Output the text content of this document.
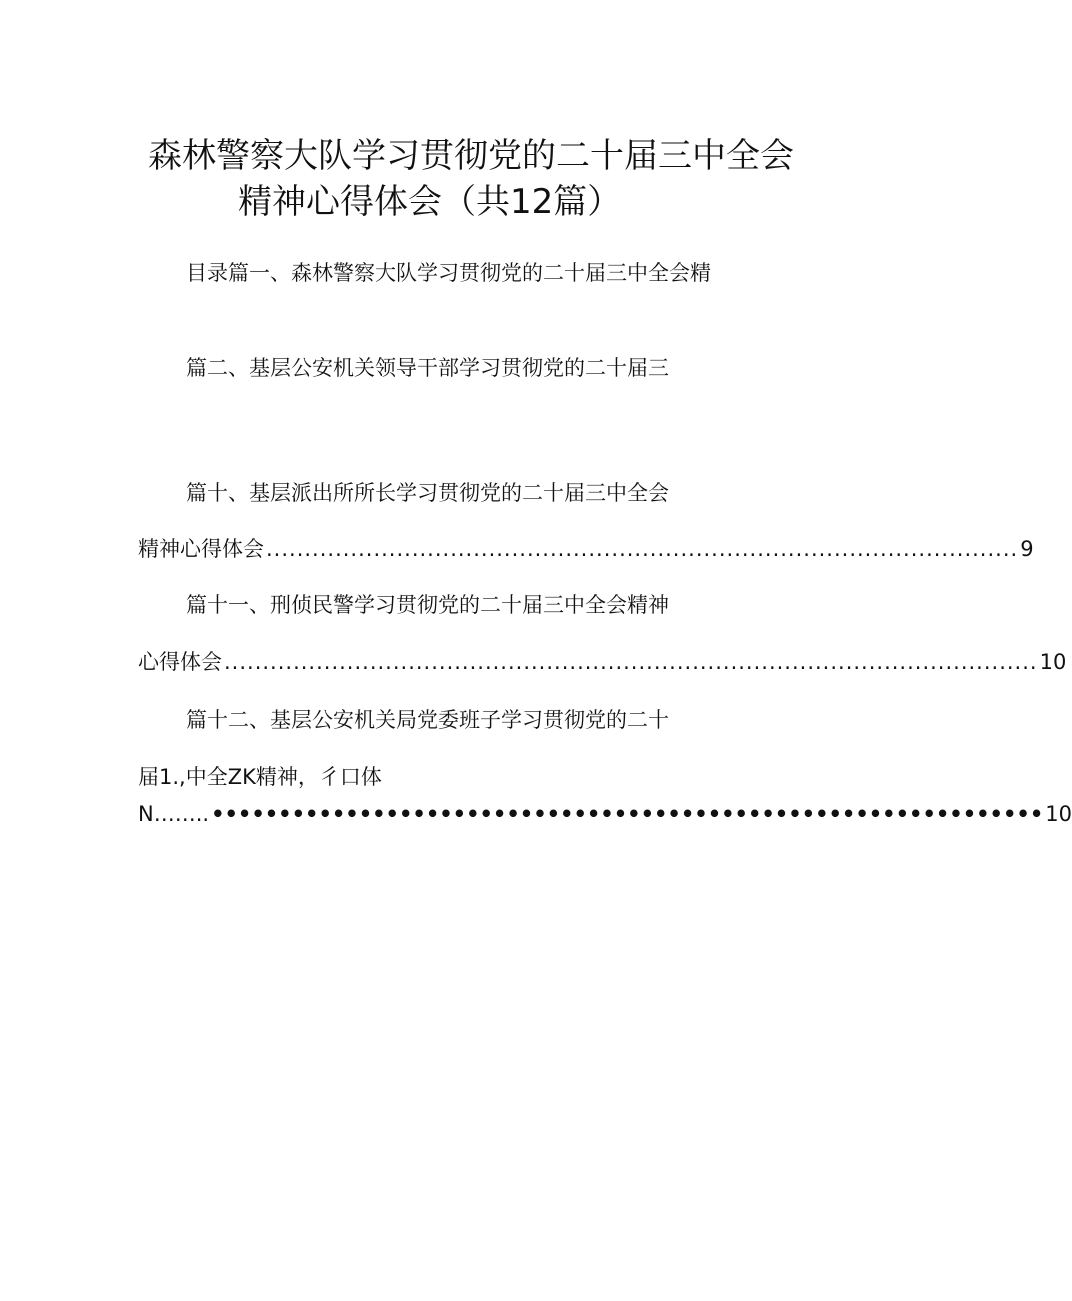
森林警察大队学习贯彻党的二十届三中全会
精神心得体会（共12篇）
目录篇一、森林警察大队学习贯彻党的二十届三中全会精
篇二、基层公安机关领导干部学习贯彻党的二十届三
篇十、基层派出所所长学习贯彻党的二十届三中全会
精神心得体会 .................................................................................................. 9
篇十一、刑侦民警学习贯彻党的二十届三中全会精神
心得体会 .......................................................................................................... 10
篇十二、基层公安机关局党委班子学习贯彻党的二十
届1.,中全ZK精神，彳口体
N…….. •••••••••••••••••••••••••••••••••••••••••••••••••••••••••••••• 10
